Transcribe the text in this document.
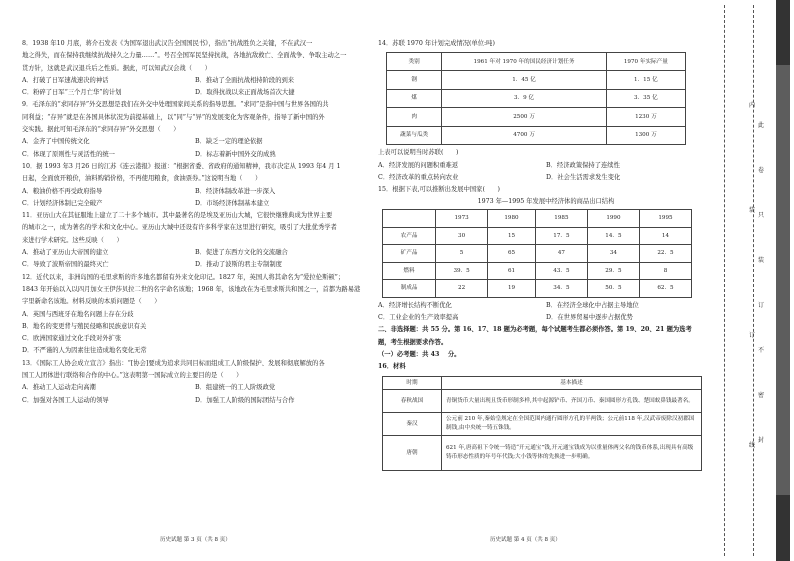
8．1938 年10 月底，蒋介石发表《为国军退出武汉告全国国民书》，指出“抗战胜负之关键，不在武汉一

地之得失，而在保持我继续抗战持久之力量……”。号召全国军民坚持抗战，各地抗敌救亡、全面战争、争取主动之一

贯方针，这就是武汉退兵后之性质。据此，可以知武汉会战（　　）

A．打破了日军速战速决的神话	B．推动了全面抗战相持阶段的到来
C．粉碎了日军“三个月亡华”的计划	D．取得抗战以来正面战场首次大捷

9．毛泽东的“求同存异”外交思想是我们在外交中处理国家间关系的指导思想。“求同”是指中国与世界各国的共

同利益；“存异”就是在各国具体状况为前提基础上，以“同”与“异”的发展变化为客观条件，指导了新中国的外

交实践。据此可知毛泽东的“求同存异”外交思想（　　）

A．金齐了中国传统文化	B．缺乏一定的理论依据
C．体现了原则性与灵活性的统一	D．标志着新中国外交的成熟

10．据 1993 年3 月26 日的江苏《连云港报》报道：“根据省委、省政府的通知精神，我市决定从 1993 年4 月 1

日起，全面放开粮价，油料购销价格，不再使用粮食，食油票券。”这说明当地（　　）

A．粮油价格不再受政府指导	B．经济体制改革进一步深入
C．计划经济体制已完全破产	D．市场经济体制基本建立

11．亚历山大在其征服地上建立了二十多个城市。其中最著名的是埃及亚历山大城，它很快继雅典成为世界主要

的城市之一，成为著名的学术和文化中心。亚历山大城中还设有许多科学家在这里进行研究，吸引了大批优秀学者

来进行学术研究。这些反映（　　）

A．推动了亚历山大帝国的建立	B．促进了东西方文化的交流融合
C．导致了波斯帝国的最终灭亡	D．推动了波斯的君主专制制度

12．近代以来，非洲岛国的毛里求斯的许多地名都留有外来文化印记。1827 年，英国人将其命名为“爱拉伦斯顿”；

1843 年开始以入以四月加女王伊莎贝拉二世的名字命名该地；1968 年，该地改在为毛里求斯共和国之一，首都为路易港

字里新命名该地。材料反映的本质问题是（　　）

A．英国与西班牙在地名问题上存在分歧

B．地名的变更背与殖民侵略和民族意识有关

C．欧洲国家通过文化手段对外扩张

D．不严谨的人为因素往往造成地名变化无常

13．《国际工人协会成立宣言》指出：“[协会]要成为追求共同目标而组成工人阶级保护、发展和彻底解放的各

国工人团体进行联络和合作的中心。”这表明第一国际成立的主要目的是（　　）

A．推动工人运动走向高潮	B．组建统一的工人阶级政党
C．加强对各国工人运动的领导	D．加强工人阶级的国际团结与合作
历史试题 第 3 页（共 8 页）

14．苏联 1970 年计划完成情况(单位:吨)

类别	1961 年对 1970 年的国民经济计划任务	1970 年实际产量
钢	1．45 亿	1．15 亿
煤	3．9 亿	3．35 亿
肉	2500 万	1230 万
蔬菜与瓜类	4700 万	1300 万

上表可以说明当时苏联(　　)

A．经济发展的问题积重难返	B．经济政策保持了连续性
C．经济改革的重点转向农业	D．社会生活需求发生变化

15．根据下表,可以推断出发展中国家(　　)

1973 年—1995 年发展中经济体的商品出口结构

	1973	1980	1985	1990	1995
农产品	30	15	17．5	14．5	14
矿产品	5	65	47	34	22．5
燃料	39．5	61	43．5	29．5	8
制成品	22	19	34．5	50．5	62．5
A．经济增长结构不断优化	B．在经济全球化中占据主导地位
C．工业企业的生产效率提高	D．在世界贸易中逐步占据优势

二、非选择题：共 55 分。第 16、17、18 题为必考题，每个试题考生都必须作答。第 19、20、21 题为选考

题，考生根据要求作答。

（一）必考题：共 43　 分。

16．材料

时期	基本描述
春秋战国	青铜货币大量出现且货币形制多样,其中起源铲币、齐国刀币、秦国圆形方孔钱、楚国蚁鼻钱最著名。
秦汉	公元前 210 年,秦始皇规定在全国范围内通行圆形方孔的半两钱；公元前118 年,汉武帝废除汉初郡国制钱,由中央统一铸五铢钱。
唐朝	621 年,唐高祖下令统一铸造“开元通宝”钱,开元通宝钱成为以重量体两父名的钱币体系,出现具有高级铸币形态性质的年号年代钱;大小钱等体的先换进一步明确。
历史试题 第 4 页（共 8 页）
此
卷
只
装
订
不
密
封
内
装
订
线
